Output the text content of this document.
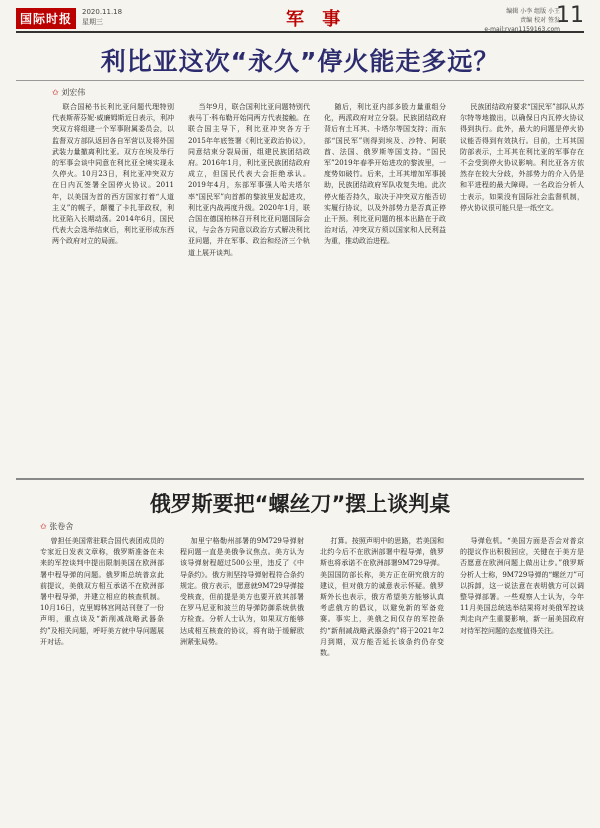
国际时报	2020.11.18
星期三	军 事	编辑 小李 组版 小王
责编 校对 签发
e-mail:ryan1159163.com
11
利比亚这次“永久”停火能走多远？
✩ 刘宏伟
联合国秘书长利比亚问题代理特别代表斯蒂芬妮·威廉姆斯近日表示，利冲突双方将组建一个军事附属委员会，以监督双方部队返回各自军营以及将外国武装力量撤离利比亚。双方在埃及举行的军事会谈中同意在利比亚全境实现永久停火。10月23日，利比亚冲突双方在日内瓦签署全国停火协议。2011年，以美国为首的西方国家打着“人道主义”的幌子，颠覆了卡扎菲政权，利比亚陷入长期动荡。2014年6月，国民代表大会选举结束后，利比亚形成东西两个政府对立的局面。
当年9月，联合国利比亚问题特别代表马丁·科布勒开始同两方代表接触。在联合国主导下，利比亚冲突各方于2015年年底签署《利比亚政治协议》，同意结束分裂局面，组建民族团结政府。2016年1月，利比亚民族团结政府成立，但国民代表大会拒绝承认。2019年4月，东部军事强人哈夫塔尔率“国民军”向首都的黎波里发起进攻，利比亚内战再度升级。2020年1月，联合国在德国柏林召开利比亚问题国际会议，与会各方同意以政治方式解决利比亚问题，并在军事、政治和经济三个轨道上展开谈判。
随后，利比亚内部多股力量重组分化，两派政府对立分裂。民族团结政府背后有土耳其、卡塔尔等国支持；而东部“国民军”则得到埃及、沙特、阿联酋、法国、俄罗斯等国支持。“国民军”2019年春季开始进攻的黎波里，一度势如破竹。后来，土耳其增加军事援助，民族团结政府军队收复失地。此次停火能否持久，取决于冲突双方能否切实履行协议，以及外部势力是否真正停止干预。利比亚问题的根本出路在于政治对话，冲突双方须以国家和人民利益为重，推动政治进程。
民族团结政府要求“国民军”部队从苏尔特等地撤出，以确保日内瓦停火协议得到执行。此外，最大的问题是停火协议能否得到有效执行。目前，土耳其国防部表示，土耳其在利比亚的军事存在不会受到停火协议影响。利比亚各方依然存在较大分歧，外部势力的介入仍是和平进程的最大障碍。一名政治分析人士表示，如果没有国际社会监督机制，停火协议很可能只是一纸空文。
俄罗斯要把“螺丝刀”摆上谈判桌
✩ 张卷舍
曾担任美国常驻联合国代表团成员的专家近日发表文章称，俄罗斯准备在未来的军控谈判中提出限制美国在欧洲部署中程导弹的问题。俄罗斯总统普京此前提议，美俄双方相互承诺不在欧洲部署中程导弹，并建立相应的核查机制。10月16日，克里姆林宫网站刊登了一份声明，重点谈及“新削减战略武器条约”及相关问题，呼吁美方就中导问题展开对话。
加里宁格勒州部署的9M729导弹射程问题一直是美俄争议焦点。美方认为该导弹射程超过500公里，违反了《中导条约》。俄方则坚持导弹射程符合条约规定。俄方表示，愿意就9M729导弹接受核查，但前提是美方也要开放其部署在罗马尼亚和波兰的导弹防御系统供俄方检查。分析人士认为，如果双方能够达成相互核查的协议，将有助于缓解欧洲紧张局势。
打算。按照声明中的思路，若美国和北约今后不在欧洲部署中程导弹，俄罗斯也将承诺不在欧洲部署9M729导弹。美国国防部长称，美方正在研究俄方的建议，但对俄方的诚意表示怀疑。俄罗斯外长也表示，俄方希望美方能够认真考虑俄方的倡议，以避免新的军备竞赛。事实上，美俄之间仅存的军控条约“新削减战略武器条约”将于2021年2月到期，双方能否延长该条约仍存变数。
导弹危机。“美国方面是否会对普京的提议作出积极回应，关键在于美方是否愿意在欧洲问题上做出让步。”俄罗斯分析人士称，9M729导弹的“螺丝刀”可以拆卸，这一说法意在表明俄方可以调整导弹部署。一些观察人士认为，今年11月美国总统选举结果将对美俄军控谈判走向产生重要影响，新一届美国政府对待军控问题的态度值得关注。
